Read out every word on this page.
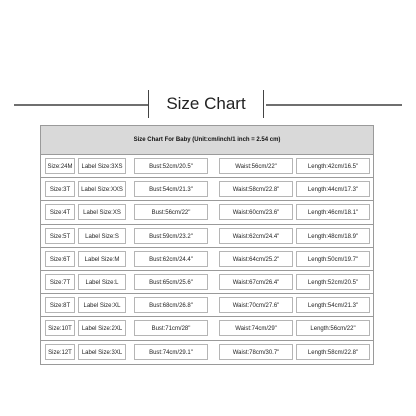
Size Chart
Size Chart For Baby (Unit:cm/inch/1 inch = 2.54 cm)
Size:24M	Label Size:3XS	Bust:52cm/20.5"	Waist:56cm/22"	Length:42cm/16.5"
Size:3T	Label Size:XXS	Bust:54cm/21.3"	Waist:58cm/22.8"	Length:44cm/17.3"
Size:4T	Label Size:XS	Bust:56cm/22"	Waist:60cm/23.6"	Length:46cm/18.1"
Size:5T	Label Size:S	Bust:59cm/23.2"	Waist:62cm/24.4"	Length:48cm/18.9"
Size:6T	Label Size:M	Bust:62cm/24.4"	Waist:64cm/25.2"	Length:50cm/19.7"
Size:7T	Label Size:L	Bust:65cm/25.6"	Waist:67cm/26.4"	Length:52cm/20.5"
Size:8T	Label Size:XL	Bust:68cm/26.8"	Waist:70cm/27.6"	Length:54cm/21.3"
Size:10T	Label Size:2XL	Bust:71cm/28"	Waist:74cm/29"	Length:56cm/22"
Size:12T	Label Size:3XL	Bust:74cm/29.1"	Waist:78cm/30.7"	Length:58cm/22.8"
